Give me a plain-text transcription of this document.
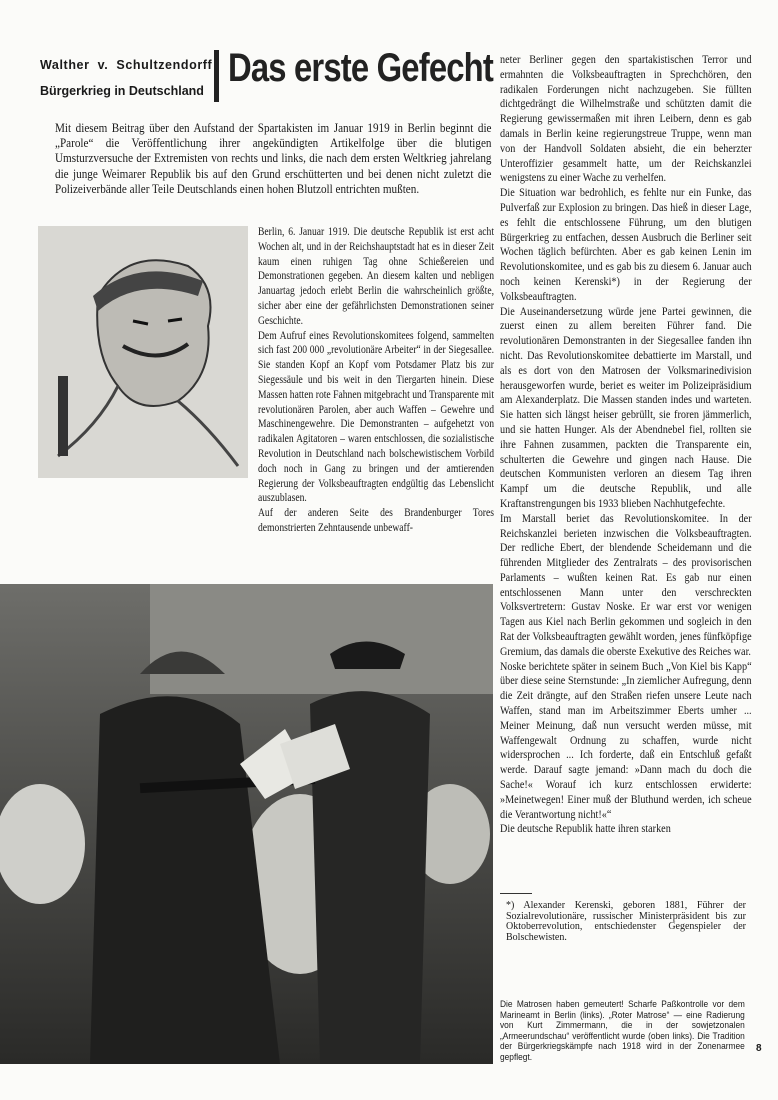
Walther v. Schultzendorff
Bürgerkrieg in Deutschland
Das erste Gefecht
Mit diesem Beitrag über den Aufstand der Spartakisten im Januar 1919 in Berlin beginnt die „Parole“ die Veröffentlichung ihrer angekündigten Artikelfolge über die blutigen Umsturzversuche der Extremisten von rechts und links, die nach dem ersten Weltkrieg jahrelang die junge Weimarer Republik bis auf den Grund erschütterten und bei denen nicht zuletzt die Polizeiverbände aller Teile Deutschlands einen hohen Blutzoll entrichten mußten.

Berlin, 6. Januar 1919. Die deutsche Republik ist erst acht Wochen alt, und in der Reichshauptstadt hat es in dieser Zeit kaum einen ruhigen Tag ohne Schießereien und Demonstrationen gegeben. An diesem kalten und nebligen Januartag jedoch erlebt Berlin die wahrscheinlich größte, sicher aber eine der gefährlichsten Demonstrationen seiner Geschichte.

Dem Aufruf eines Revolutionskomitees folgend, sammelten sich fast 200 000 „revolutionäre Arbeiter“ in der Siegesallee. Sie standen Kopf an Kopf vom Potsdamer Platz bis zur Siegessäule und bis weit in den Tiergarten hinein. Diese Massen hatten rote Fahnen mitgebracht und Transparente mit revolutionären Parolen, aber auch Waffen – Gewehre und Maschinengewehre. Die Demonstranten – aufgehetzt von radikalen Agitatoren – waren entschlossen, die sozialistische Revolution in Deutschland nach bolschewistischem Vorbild doch noch in Gang zu bringen und der amtierenden Regierung der Volksbeauftragten endgültig das Lebenslicht auszublasen.

Auf der anderen Seite des Brandenburger Tores demonstrierten Zehntausende unbewaff-

neter Berliner gegen den spartakistischen Terror und ermahnten die Volksbeauftragten in Sprechchören, den radikalen Forderungen nicht nachzugeben. Sie füllten dichtgedrängt die Wilhelmstraße und schützten damit die Regierung gewissermaßen mit ihren Leibern, denn es gab damals in Berlin keine regierungstreue Truppe, wenn man von der Handvoll Soldaten absieht, die ein beherzter Unteroffizier gesammelt hatte, um der Reichskanzlei wenigstens zu einer Wache zu verhelfen.

Die Situation war bedrohlich, es fehlte nur ein Funke, das Pulverfaß zur Explosion zu bringen. Das hieß in dieser Lage, es fehlt die entschlossene Führung, um den blutigen Bürgerkrieg zu entfachen, dessen Ausbruch die Berliner seit Wochen täglich befürchten. Aber es gab keinen Lenin im Revolutionskomitee, und es gab bis zu diesem 6. Januar auch noch keinen Kerenski*) in der Regierung der Volksbeauftragten.

Die Auseinandersetzung würde jene Partei gewinnen, die zuerst einen zu allem bereiten Führer fand. Die revolutionären Demonstranten in der Siegesallee fanden ihn nicht. Das Revolutionskomitee debattierte im Marstall, und als es dort von den Matrosen der Volksmarinedivision herausgeworfen wurde, beriet es weiter im Polizeipräsidium am Alexanderplatz. Die Massen standen indes und warteten. Sie hatten sich längst heiser gebrüllt, sie froren jämmerlich, und sie hatten Hunger. Als der Abendnebel fiel, rollten sie ihre Fahnen zusammen, packten die Transparente ein, schulterten die Gewehre und gingen nach Hause. Die deutschen Kommunisten verloren an diesem Tag ihren Kampf um die deutsche Republik, und alle Kraftanstrengungen bis 1933 blieben Nachhutgefechte.

Im Marstall beriet das Revolutionskomitee. In der Reichskanzlei berieten inzwischen die Volksbeauftragten. Der redliche Ebert, der blendende Scheidemann und die führenden Mitglieder des Zentralrats – des provisorischen Parlaments – wußten keinen Rat. Es gab nur einen entschlossenen Mann unter den verschreckten Volksvertretern: Gustav Noske. Er war erst vor wenigen Tagen aus Kiel nach Berlin gekommen und sogleich in den Rat der Volksbeauftragten gewählt worden, jenes fünfköpfige Gremium, das damals die oberste Exekutive des Reiches war.

Noske berichtete später in seinem Buch „Von Kiel bis Kapp“ über diese seine Sternstunde: „In ziemlicher Aufregung, denn die Zeit drängte, auf den Straßen riefen unsere Leute nach Waffen, stand man im Arbeitszimmer Eberts umher ... Meiner Meinung, daß nun versucht werden müsse, mit Waffengewalt Ordnung zu schaffen, wurde nicht widersprochen ... Ich forderte, daß ein Entschluß gefaßt werde. Darauf sagte jemand: »Dann mach du doch die Sache!« Worauf ich kurz entschlossen erwiderte: »Meinetwegen! Einer muß der Bluthund werden, ich scheue die Verantwortung nicht!«“

Die deutsche Republik hatte ihren starken

*) Alexander Kerenski, geboren 1881, Führer der Sozialrevolutionäre, russischer Ministerpräsident bis zur Oktoberrevolution, entschiedenster Gegenspieler der Bolschewisten.
Die Matrosen haben gemeutert! Scharfe Paßkontrolle vor dem Marineamt in Berlin (links). „Roter Matrose“ — eine Radierung von Kurt Zimmermann, die in der sowjetzonalen „Armeerundschau“ veröffentlicht wurde (oben links). Die Tradition der Bürgerkriegskämpfe nach 1918 wird in der Zonenarmee gepflegt.
8
